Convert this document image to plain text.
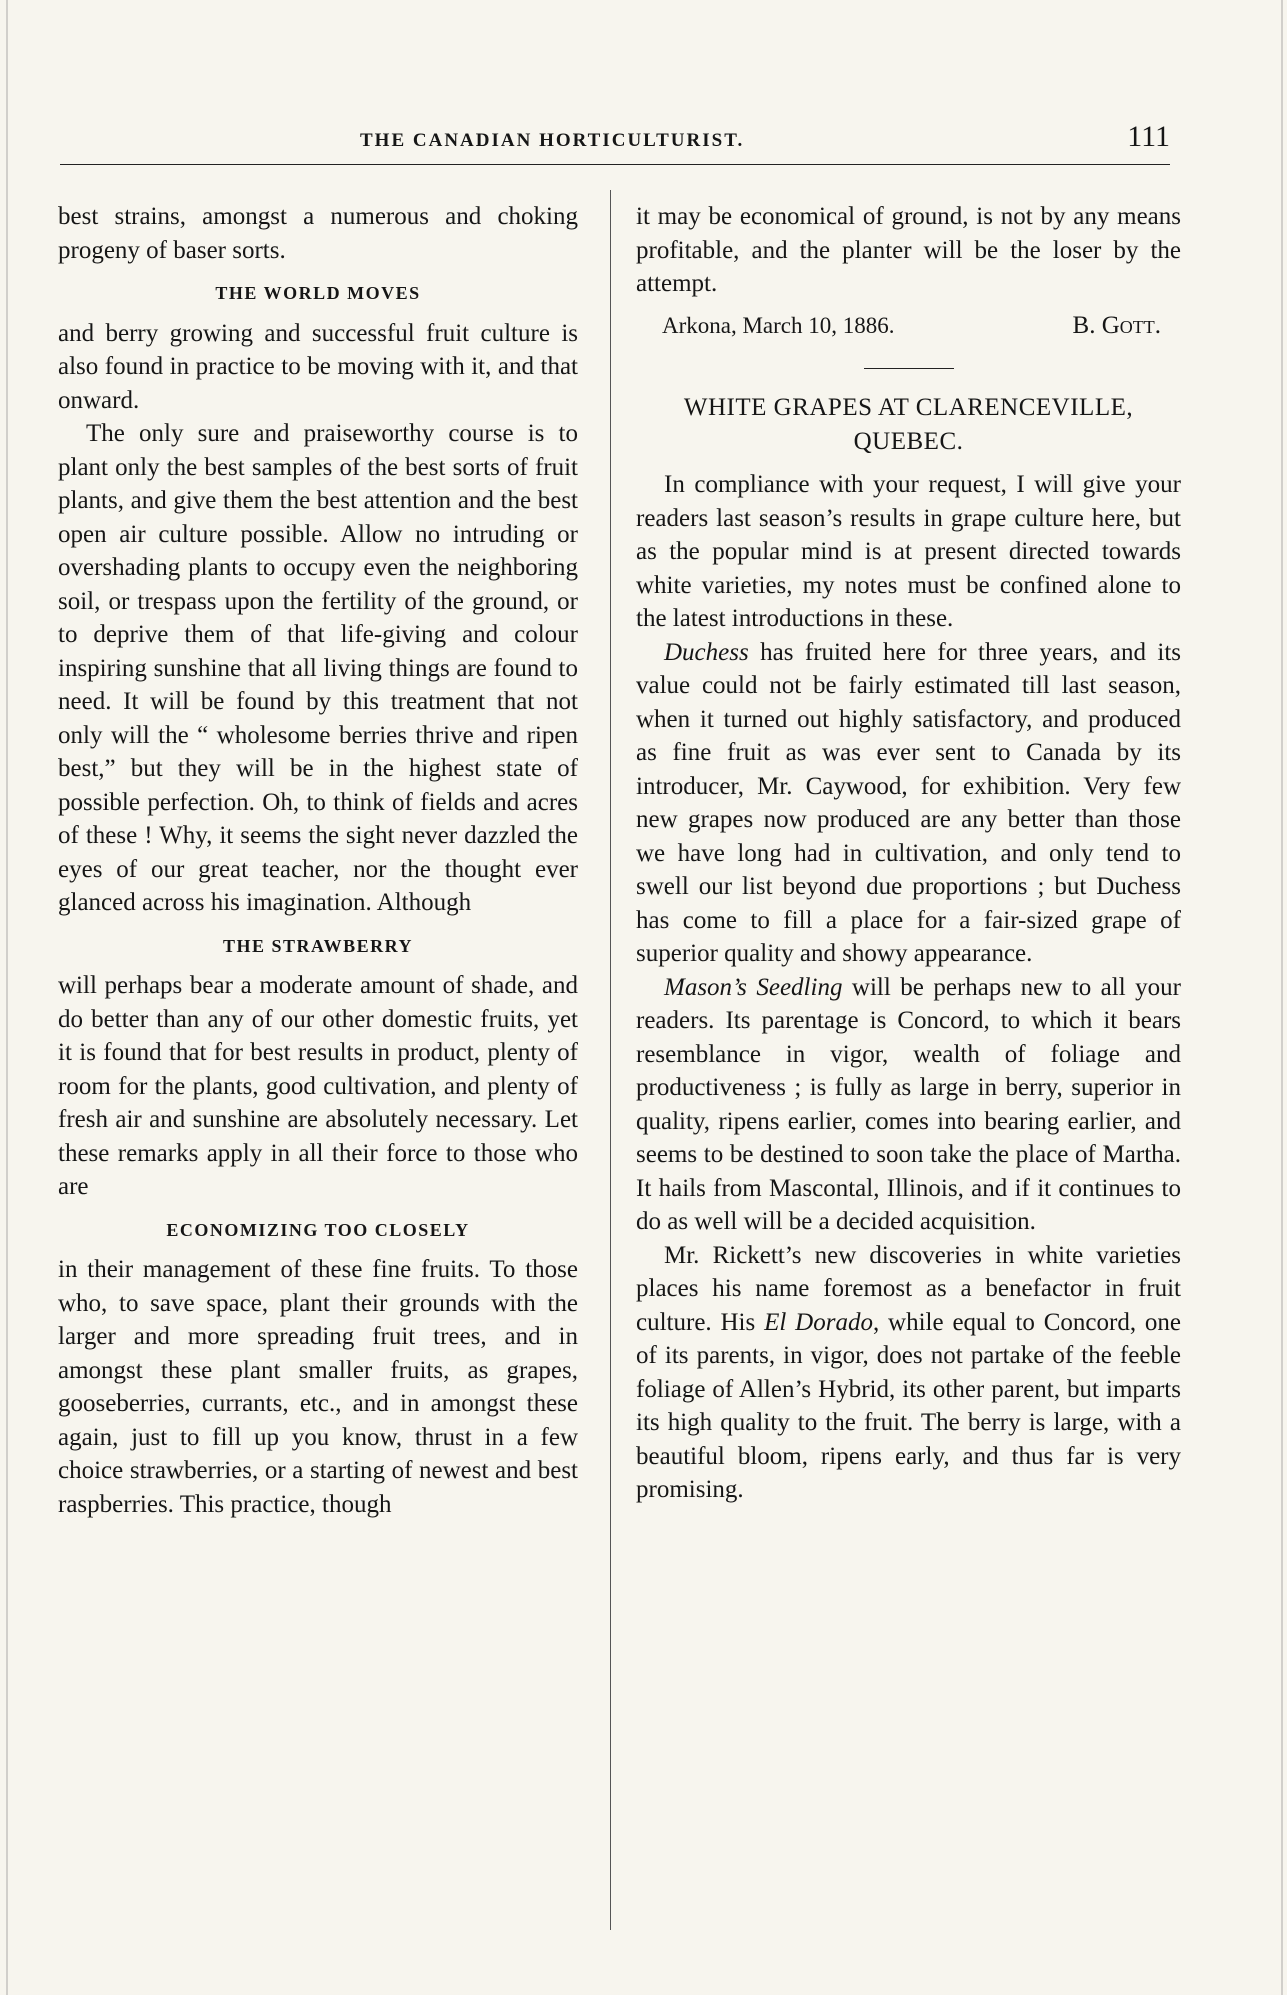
THE CANADIAN HORTICULTURIST.	111

best strains, amongst a numerous and choking progeny of baser sorts.

THE WORLD MOVES

and berry growing and successful fruit culture is also found in practice to be moving with it, and that onward.

The only sure and praiseworthy course is to plant only the best samples of the best sorts of fruit plants, and give them the best attention and the best open air culture possible. Allow no intruding or overshading plants to occupy even the neighboring soil, or trespass upon the fertility of the ground, or to deprive them of that life-giving and colour inspiring sunshine that all living things are found to need. It will be found by this treatment that not only will the “ wholesome berries thrive and ripen best,” but they will be in the highest state of possible perfection. Oh, to think of fields and acres of these ! Why, it seems the sight never dazzled the eyes of our great teacher, nor the thought ever glanced across his imagination. Although

THE STRAWBERRY

will perhaps bear a moderate amount of shade, and do better than any of our other domestic fruits, yet it is found that for best results in product, plenty of room for the plants, good cultivation, and plenty of fresh air and sunshine are absolutely necessary. Let these remarks apply in all their force to those who are

ECONOMIZING TOO CLOSELY

in their management of these fine fruits. To those who, to save space, plant their grounds with the larger and more spreading fruit trees, and in amongst these plant smaller fruits, as grapes, gooseberries, currants, etc., and in amongst these again, just to fill up you know, thrust in a few choice strawberries, or a starting of newest and best raspberries. This practice, though

it may be economical of ground, is not by any means profitable, and the planter will be the loser by the attempt.

Arkona, March 10, 1886.	B. Gott.
WHITE GRAPES AT CLARENCEVILLE, QUEBEC.

In compliance with your request, I will give your readers last season’s results in grape culture here, but as the popular mind is at present directed towards white varieties, my notes must be confined alone to the latest introductions in these.

Duchess has fruited here for three years, and its value could not be fairly estimated till last season, when it turned out highly satisfactory, and produced as fine fruit as was ever sent to Canada by its introducer, Mr. Caywood, for exhibition. Very few new grapes now produced are any better than those we have long had in cultivation, and only tend to swell our list beyond due proportions ; but Duchess has come to fill a place for a fair-sized grape of superior quality and showy appearance.

Mason’s Seedling will be perhaps new to all your readers. Its parentage is Concord, to which it bears resemblance in vigor, wealth of foliage and productiveness ; is fully as large in berry, superior in quality, ripens earlier, comes into bearing earlier, and seems to be destined to soon take the place of Martha. It hails from Mascontal, Illinois, and if it continues to do as well will be a decided acquisition.

Mr. Rickett’s new discoveries in white varieties places his name foremost as a benefactor in fruit culture. His El Dorado, while equal to Concord, one of its parents, in vigor, does not partake of the feeble foliage of Allen’s Hybrid, its other parent, but imparts its high quality to the fruit. The berry is large, with a beautiful bloom, ripens early, and thus far is very promising.
